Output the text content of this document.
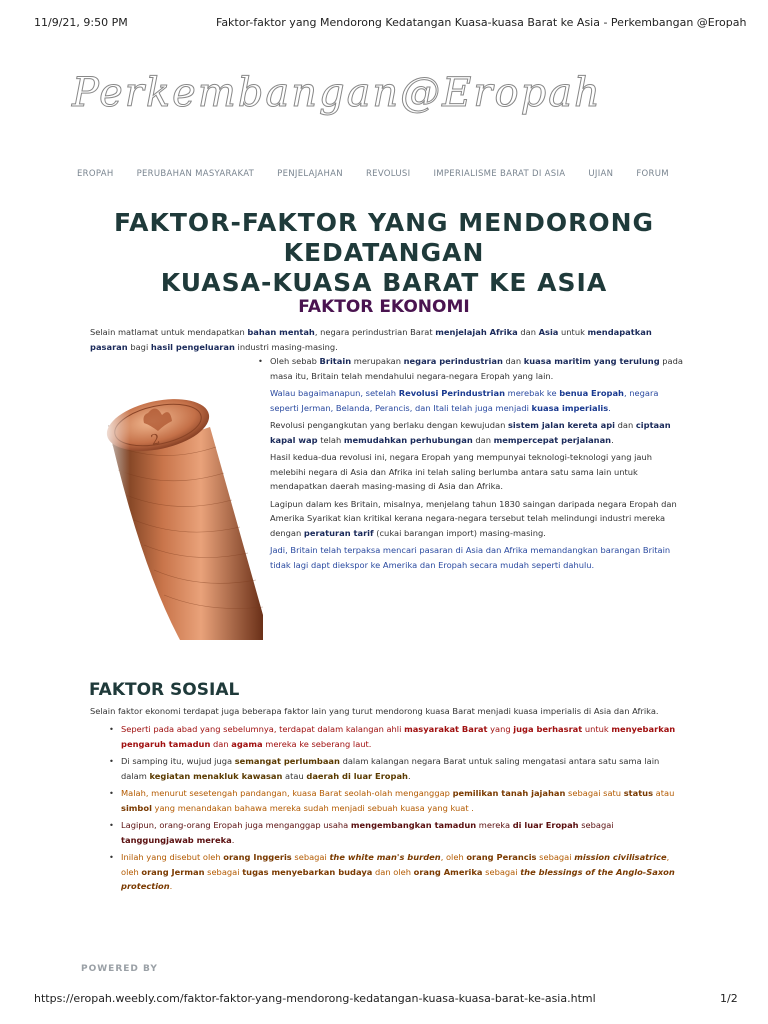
11/9/21, 9:50 PM	Faktor-faktor yang Mendorong Kedatangan Kuasa-kuasa Barat ke Asia - Perkembangan @Eropah
Perkembangan@Eropah
EROPAH	PERUBAHAN MASYARAKAT	PENJELAJAHAN	REVOLUSI	IMPERIALISME BARAT DI ASIA	UJIAN	FORUM
FAKTOR-FAKTOR YANG MENDORONG KEDATANGAN
KUASA-KUASA BARAT KE ASIA
FAKTOR EKONOMI
Selain matlamat untuk mendapatkan bahan mentah, negara perindustrian Barat menjelajah Afrika dan Asia untuk mendapatkan pasaran bagi hasil pengeluaran industri masing-masing.
• Oleh sebab Britain merupakan negara perindustrian dan kuasa maritim yang terulung pada masa itu, Britain telah mendahului negara-negara Eropah yang lain.
Walau bagaimanapun, setelah Revolusi Perindustrian merebak ke benua Eropah, negara seperti Jerman, Belanda, Perancis, dan Itali telah juga menjadi kuasa imperialis.
Revolusi pengangkutan yang berlaku dengan kewujudan sistem jalan kereta api dan ciptaan kapal wap telah memudahkan perhubungan dan mempercepat perjalanan.
Hasil kedua-dua revolusi ini, negara Eropah yang mempunyai teknologi-teknologi yang jauh melebihi negara di Asia dan Afrika ini telah saling berlumba antara satu sama lain untuk mendapatkan daerah masing-masing di Asia dan Afrika.
Lagipun dalam kes Britain, misalnya, menjelang tahun 1830 saingan daripada negara Eropah dan Amerika Syarikat kian kritikal kerana negara-negara tersebut telah melindungi industri mereka dengan peraturan tarif (cukai barangan import) masing-masing.
Jadi, Britain telah terpaksa mencari pasaran di Asia dan Afrika memandangkan barangan Britain tidak lagi dapt diekspor ke Amerika dan Eropah secara mudah seperti dahulu.
FAKTOR SOSIAL
Selain faktor ekonomi terdapat juga beberapa faktor lain yang turut mendorong kuasa Barat menjadi kuasa imperialis di Asia dan Afrika.
• Seperti pada abad yang sebelumnya, terdapat dalam kalangan ahli masyarakat Barat yang juga berhasrat untuk menyebarkan pengaruh tamadun dan agama mereka ke seberang laut.
• Di samping itu, wujud juga semangat perlumbaan dalam kalangan negara Barat untuk saling mengatasi antara satu sama lain dalam kegiatan menakluk kawasan atau daerah di luar Eropah.
• Malah, menurut sesetengah pandangan, kuasa Barat seolah-olah menganggap pemilikan tanah jajahan sebagai satu status atau simbol yang menandakan bahawa mereka sudah menjadi sebuah kuasa yang kuat .
• Lagipun, orang-orang Eropah juga menganggap usaha mengembangkan tamadun mereka di luar Eropah sebagai tanggungjawab mereka.
• Inilah yang disebut oleh orang Inggeris sebagai the white man's burden, oleh orang Perancis sebagai mission civilisatrice, oleh orang Jerman sebagai tugas menyebarkan budaya dan oleh orang Amerika sebagai the blessings of the Anglo-Saxon protection.
POWERED BY
https://eropah.weebly.com/faktor-faktor-yang-mendorong-kedatangan-kuasa-kuasa-barat-ke-asia.html	1/2
